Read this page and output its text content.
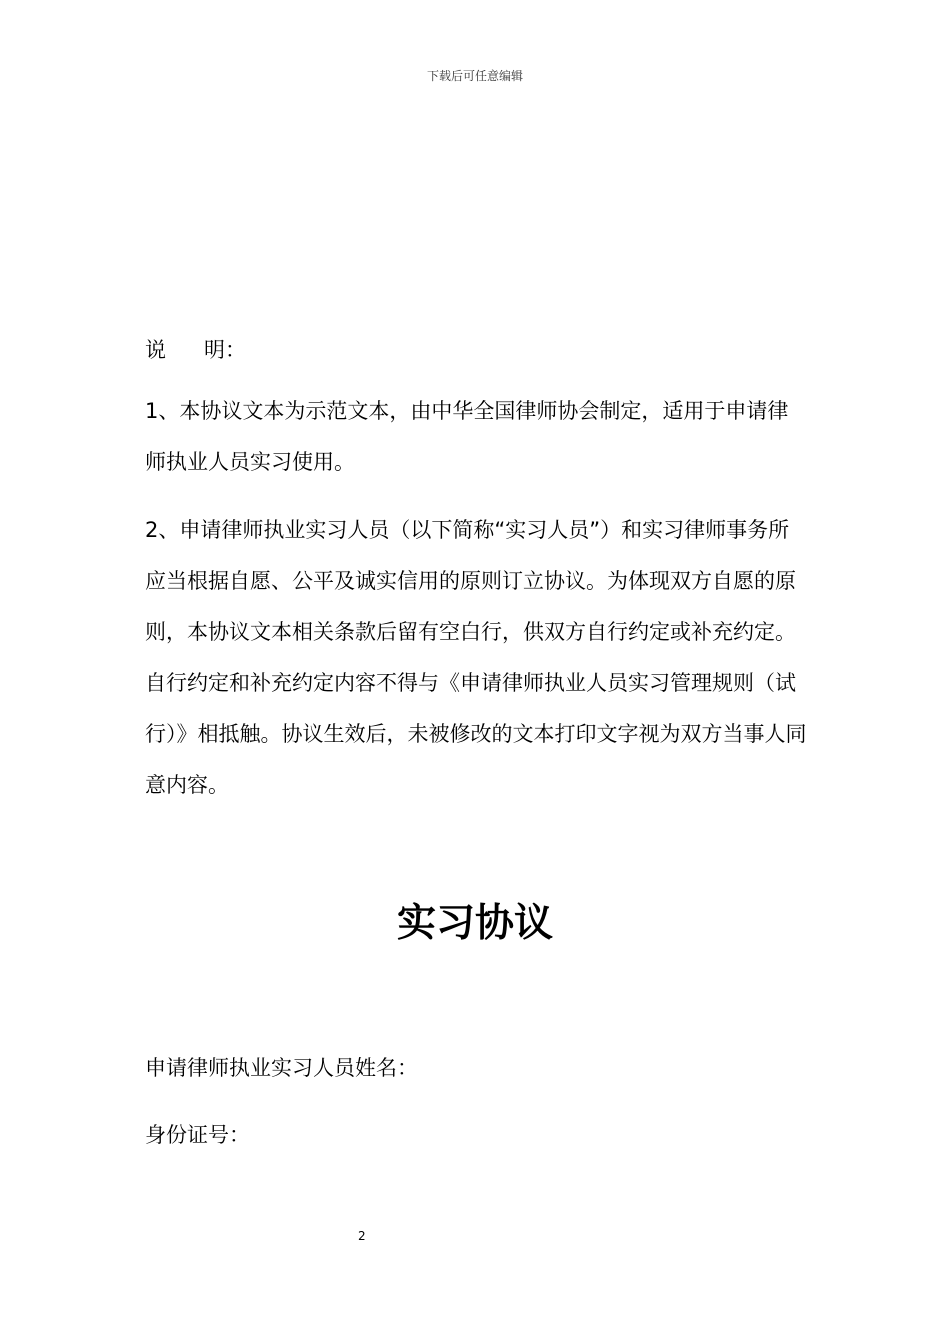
下载后可任意编辑

说 明：

1、本协议文本为示范文本，由中华全国律师协会制定，适用于申请律师执业人员实习使用。

2、申请律师执业实习人员（以下简称“实习人员”）和实习律师事务所应当根据自愿、公平及诚实信用的原则订立协议。为体现双方自愿的原则，本协议文本相关条款后留有空白行，供双方自行约定或补充约定。自行约定和补充约定内容不得与《申请律师执业人员实习管理规则（试行）》相抵触。协议生效后，未被修改的文本打印文字视为双方当事人同意内容。

实习协议

申请律师执业实习人员姓名：

身份证号：

2
